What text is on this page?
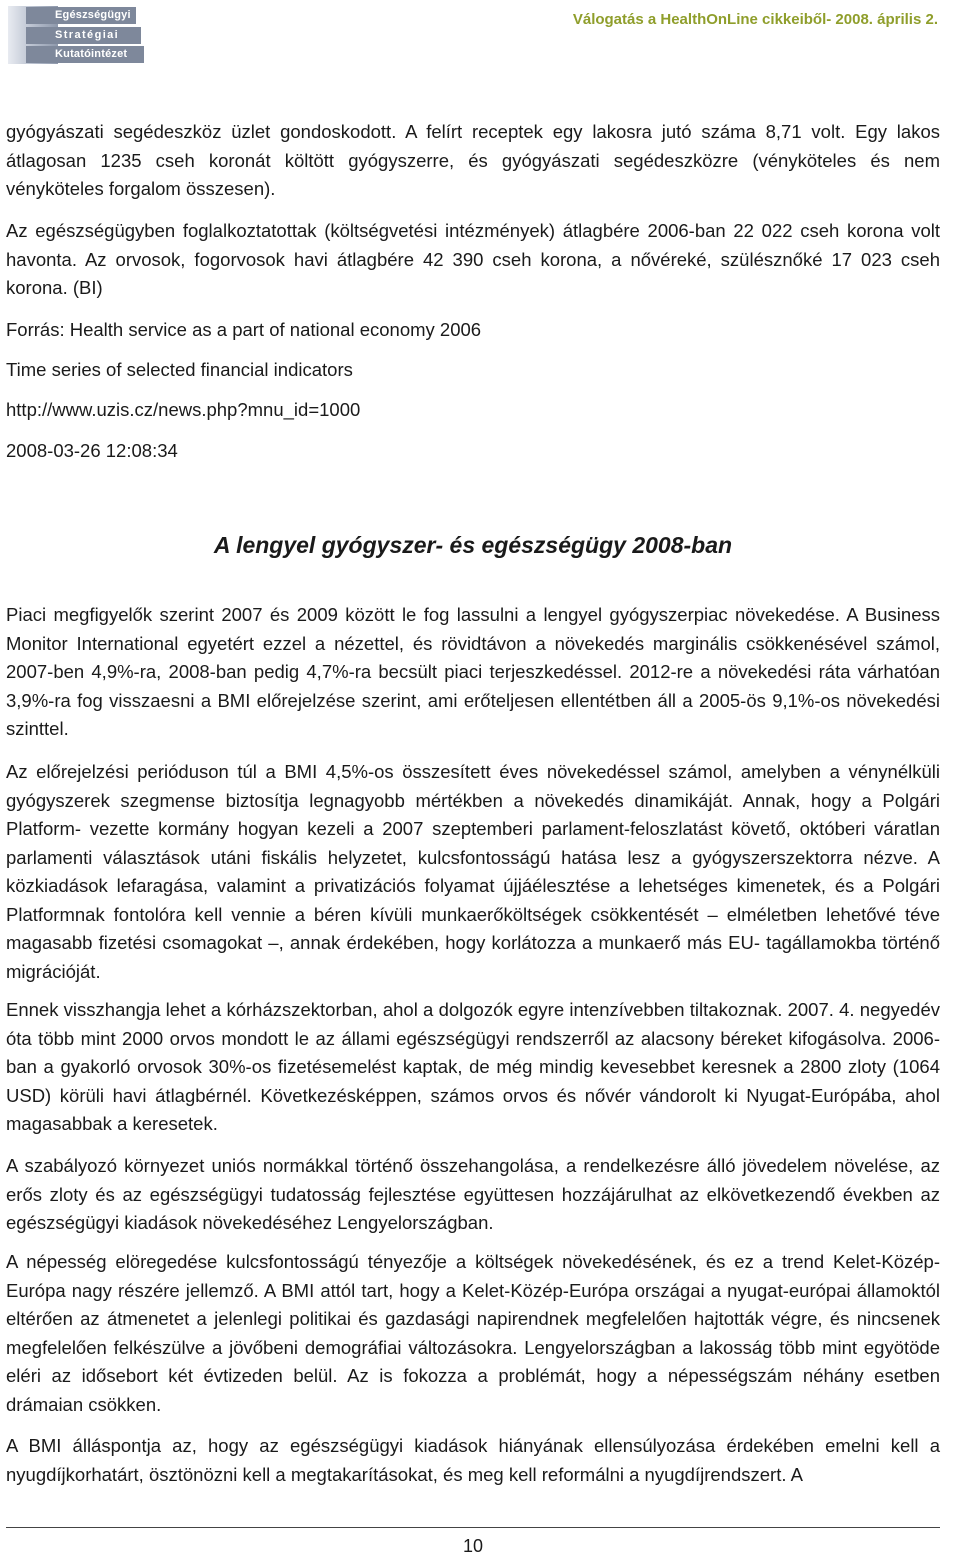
Egészségügyi
Stratégiai
Kutatóintézet
Válogatás a HealthOnLine cikkeiből- 2008. április 2.

gyógyászati segédeszköz üzlet gondoskodott. A felírt receptek egy lakosra jutó száma 8,71 volt. Egy lakos átlagosan 1235 cseh koronát költött gyógyszerre, és gyógyászati segédeszközre (vényköteles és nem vényköteles forgalom összesen).

Az egészségügyben foglalkoztatottak (költségvetési intézmények) átlagbére 2006-ban 22 022 cseh korona volt havonta. Az orvosok, fogorvosok havi átlagbére 42 390 cseh korona, a nővéreké, szülésznőké 17 023 cseh korona. (BI)

Forrás: Health service as a part of national economy 2006
Time series of selected financial indicators
http://www.uzis.cz/news.php?mnu_id=1000
2008-03-26 12:08:34
A lengyel gyógyszer- és egészségügy 2008-ban

Piaci megfigyelők szerint 2007 és 2009 között le fog lassulni a lengyel gyógyszerpiac növekedése. A Business Monitor International egyetért ezzel a nézettel, és rövidtávon a növekedés marginális csökkenésével számol, 2007-ben 4,9%-ra, 2008-ban pedig 4,7%-ra becsült piaci terjeszkedéssel. 2012-re a növekedési ráta várhatóan 3,9%-ra fog visszaesni a BMI előrejelzése szerint, ami erőteljesen ellentétben áll a 2005-ös 9,1%-os növekedési szinttel.

Az előrejelzési perióduson túl a BMI 4,5%-os összesített éves növekedéssel számol, amelyben a vénynélküli gyógyszerek szegmense biztosítja legnagyobb mértékben a növekedés dinamikáját. Annak, hogy a Polgári Platform- vezette kormány hogyan kezeli a 2007 szeptemberi parlament-feloszlatást követő, októberi váratlan parlamenti választások utáni fiskális helyzetet, kulcsfontosságú hatása lesz a gyógyszerszektorra nézve. A közkiadások lefaragása, valamint a privatizációs folyamat újjáélesztése a lehetséges kimenetek, és a Polgári Platformnak fontolóra kell vennie a béren kívüli munkaerőköltségek csökkentését – elméletben lehetővé téve magasabb fizetési csomagokat –, annak érdekében, hogy korlátozza a munkaerő más EU- tagállamokba történő migrációját.

Ennek visszhangja lehet a kórházszektorban, ahol a dolgozók egyre intenzívebben tiltakoznak. 2007. 4. negyedév óta több mint 2000 orvos mondott le az állami egészségügyi rendszerről az alacsony béreket kifogásolva. 2006-ban a gyakorló orvosok 30%-os fizetésemelést kaptak, de még mindig kevesebbet keresnek a 2800 zloty (1064 USD) körüli havi átlagbérnél. Következésképpen, számos orvos és nővér vándorolt ki Nyugat-Európába, ahol magasabbak a keresetek.

A szabályozó környezet uniós normákkal történő összehangolása, a rendelkezésre álló jövedelem növelése, az erős zloty és az egészségügyi tudatosság fejlesztése együttesen hozzájárulhat az elkövetkezendő években az egészségügyi kiadások növekedéséhez Lengyelországban.

A népesség elöregedése kulcsfontosságú tényezője a költségek növekedésének, és ez a trend Kelet-Közép-Európa nagy részére jellemző. A BMI attól tart, hogy a Kelet-Közép-Európa országai a nyugat-európai államoktól eltérően az átmenetet a jelenlegi politikai és gazdasági napirendnek megfelelően hajtották végre, és nincsenek megfelelően felkészülve a jövőbeni demográfiai változásokra. Lengyelországban a lakosság több mint egyötöde eléri az idősebort két évtizeden belül. Az is fokozza a problémát, hogy a népességszám néhány esetben drámaian csökken.

A BMI álláspontja az, hogy az egészségügyi kiadások hiányának ellensúlyozása érdekében emelni kell a nyugdíjkorhatárt, ösztönözni kell a megtakarításokat, és meg kell reformálni a nyugdíjrendszert. A

10
